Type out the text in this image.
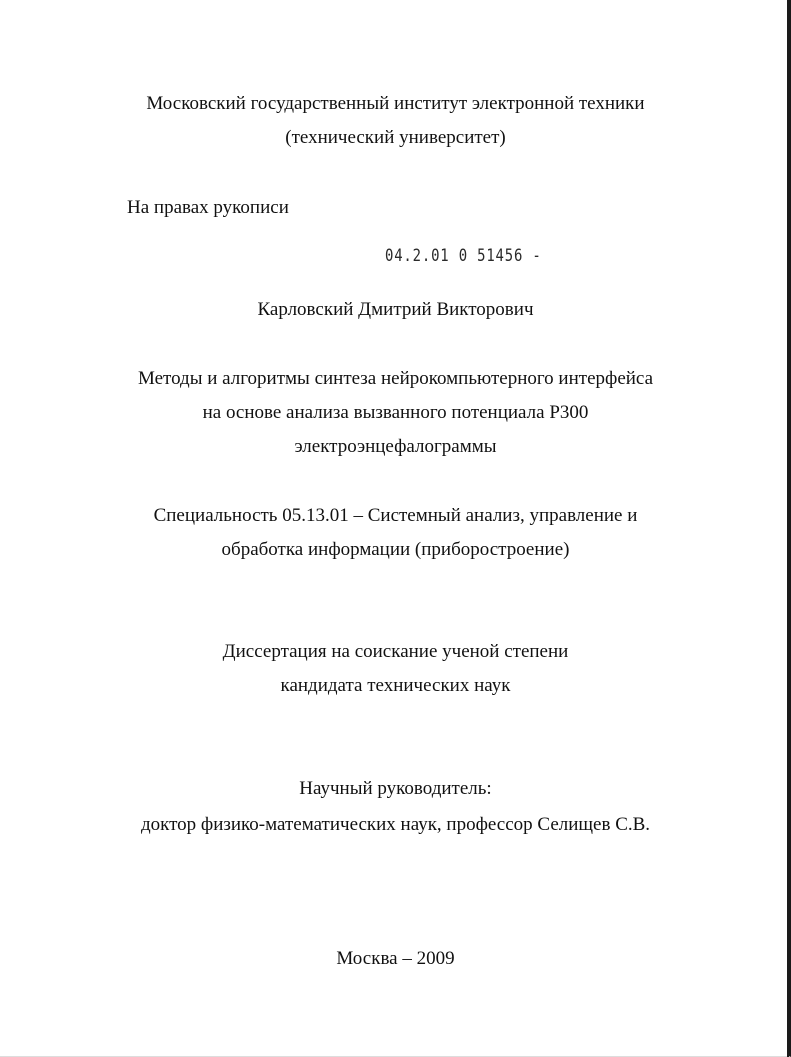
Московский государственный институт электронной техники
(технический университет)
На правах рукописи
04.2.01 0 51456 -
Карловский Дмитрий Викторович
Методы и алгоритмы синтеза нейрокомпьютерного интерфейса
на основе анализа вызванного потенциала Р300
электроэнцефалограммы
Специальность 05.13.01 – Системный анализ, управление и
обработка информации (приборостроение)
Диссертация на соискание ученой степени
кандидата технических наук
Научный руководитель:
доктор физико-математических наук, профессор Селищев С.В.
Москва – 2009
